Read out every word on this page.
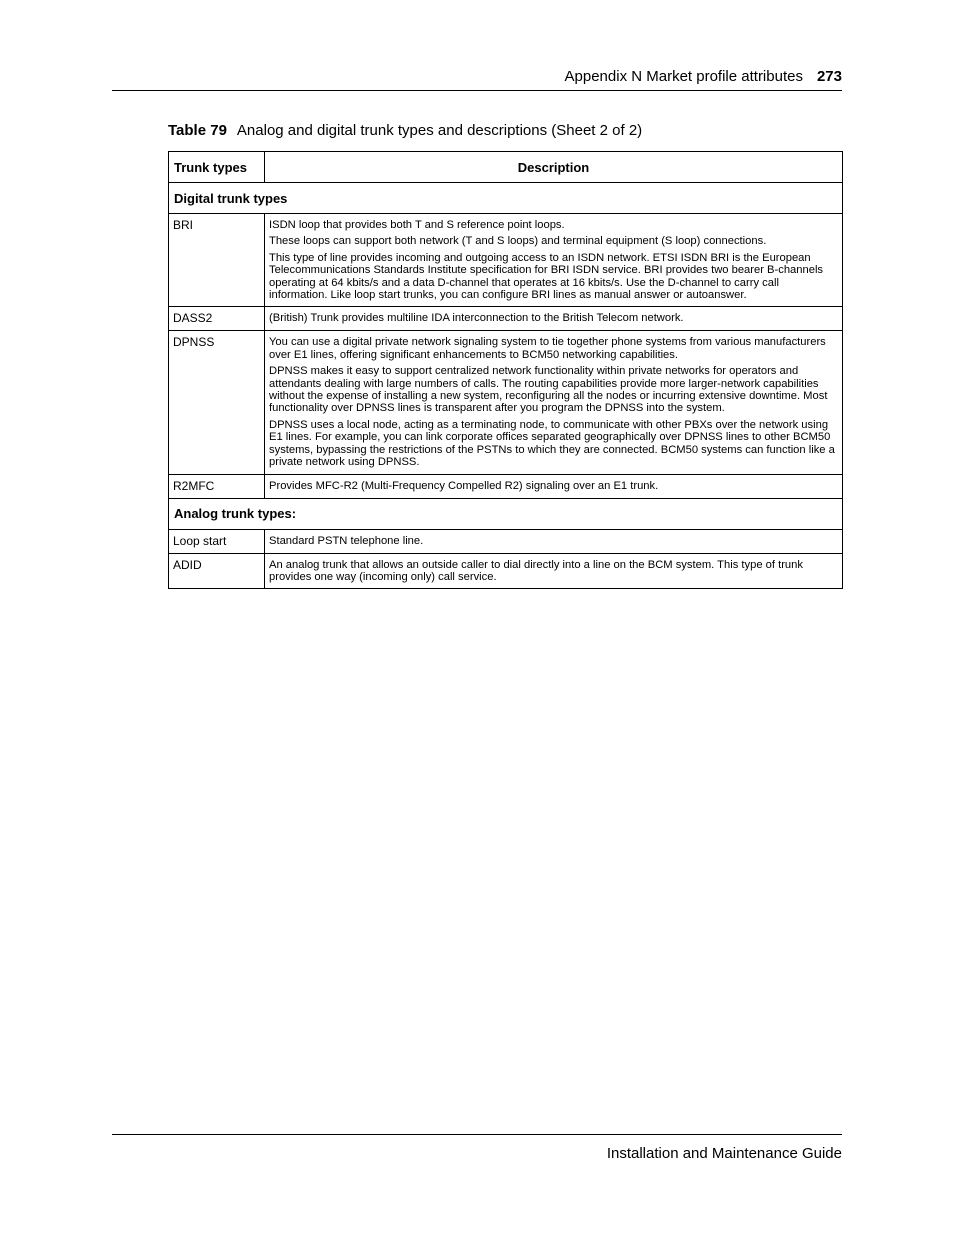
Appendix N Market profile attributes 273
Table 79 Analog and digital trunk types and descriptions (Sheet 2 of 2)
Trunk types	Description
Digital trunk types	
BRI	ISDN loop that provides both T and S reference point loops.

These loops can support both network (T and S loops) and terminal equipment (S loop) connections.

This type of line provides incoming and outgoing access to an ISDN network. ETSI ISDN BRI is the European Telecommunications Standards Institute specification for BRI ISDN service. BRI provides two bearer B-channels operating at 64 kbits/s and a data D-channel that operates at 16 kbits/s. Use the D-channel to carry call information. Like loop start trunks, you can configure BRI lines as manual answer or autoanswer.

DASS2	(British) Trunk provides multiline IDA interconnection to the British Telecom network.

DPNSS	You can use a digital private network signaling system to tie together phone systems from various manufacturers over E1 lines, offering significant enhancements to BCM50 networking capabilities.

DPNSS makes it easy to support centralized network functionality within private networks for operators and attendants dealing with large numbers of calls. The routing capabilities provide more larger-network capabilities without the expense of installing a new system, reconfiguring all the nodes or incurring extensive downtime. Most functionality over DPNSS lines is transparent after you program the DPNSS into the system.

DPNSS uses a local node, acting as a terminating node, to communicate with other PBXs over the network using E1 lines. For example, you can link corporate offices separated geographically over DPNSS lines to other BCM50 systems, bypassing the restrictions of the PSTNs to which they are connected. BCM50 systems can function like a private network using DPNSS.

R2MFC	Provides MFC-R2 (Multi-Frequency Compelled R2) signaling over an E1 trunk.

Analog trunk types:	
Loop start	Standard PSTN telephone line.

ADID	An analog trunk that allows an outside caller to dial directly into a line on the BCM system. This type of trunk provides one way (incoming only) call service.

Installation and Maintenance Guide
